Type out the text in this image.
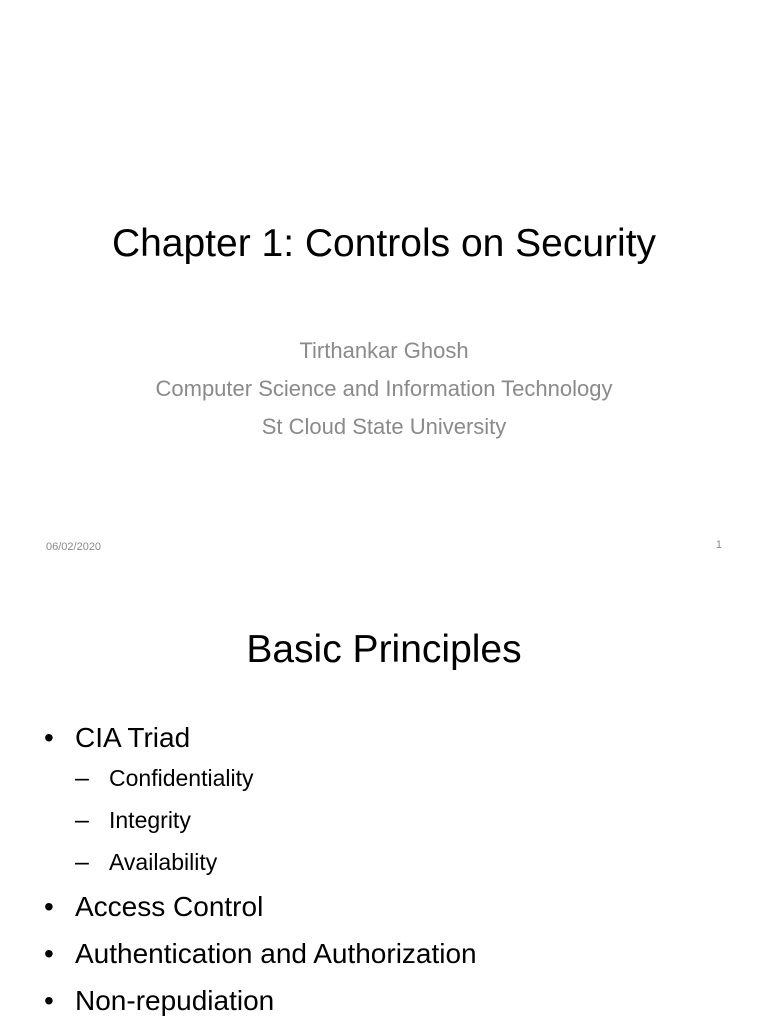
Chapter 1: Controls on Security
Tirthankar Ghosh
Computer Science and Information Technology
St Cloud State University
06/02/2020	1
Basic Principles
• CIA Triad
– Confidentiality
– Integrity
– Availability
• Access Control
• Authentication and Authorization
• Non-repudiation
